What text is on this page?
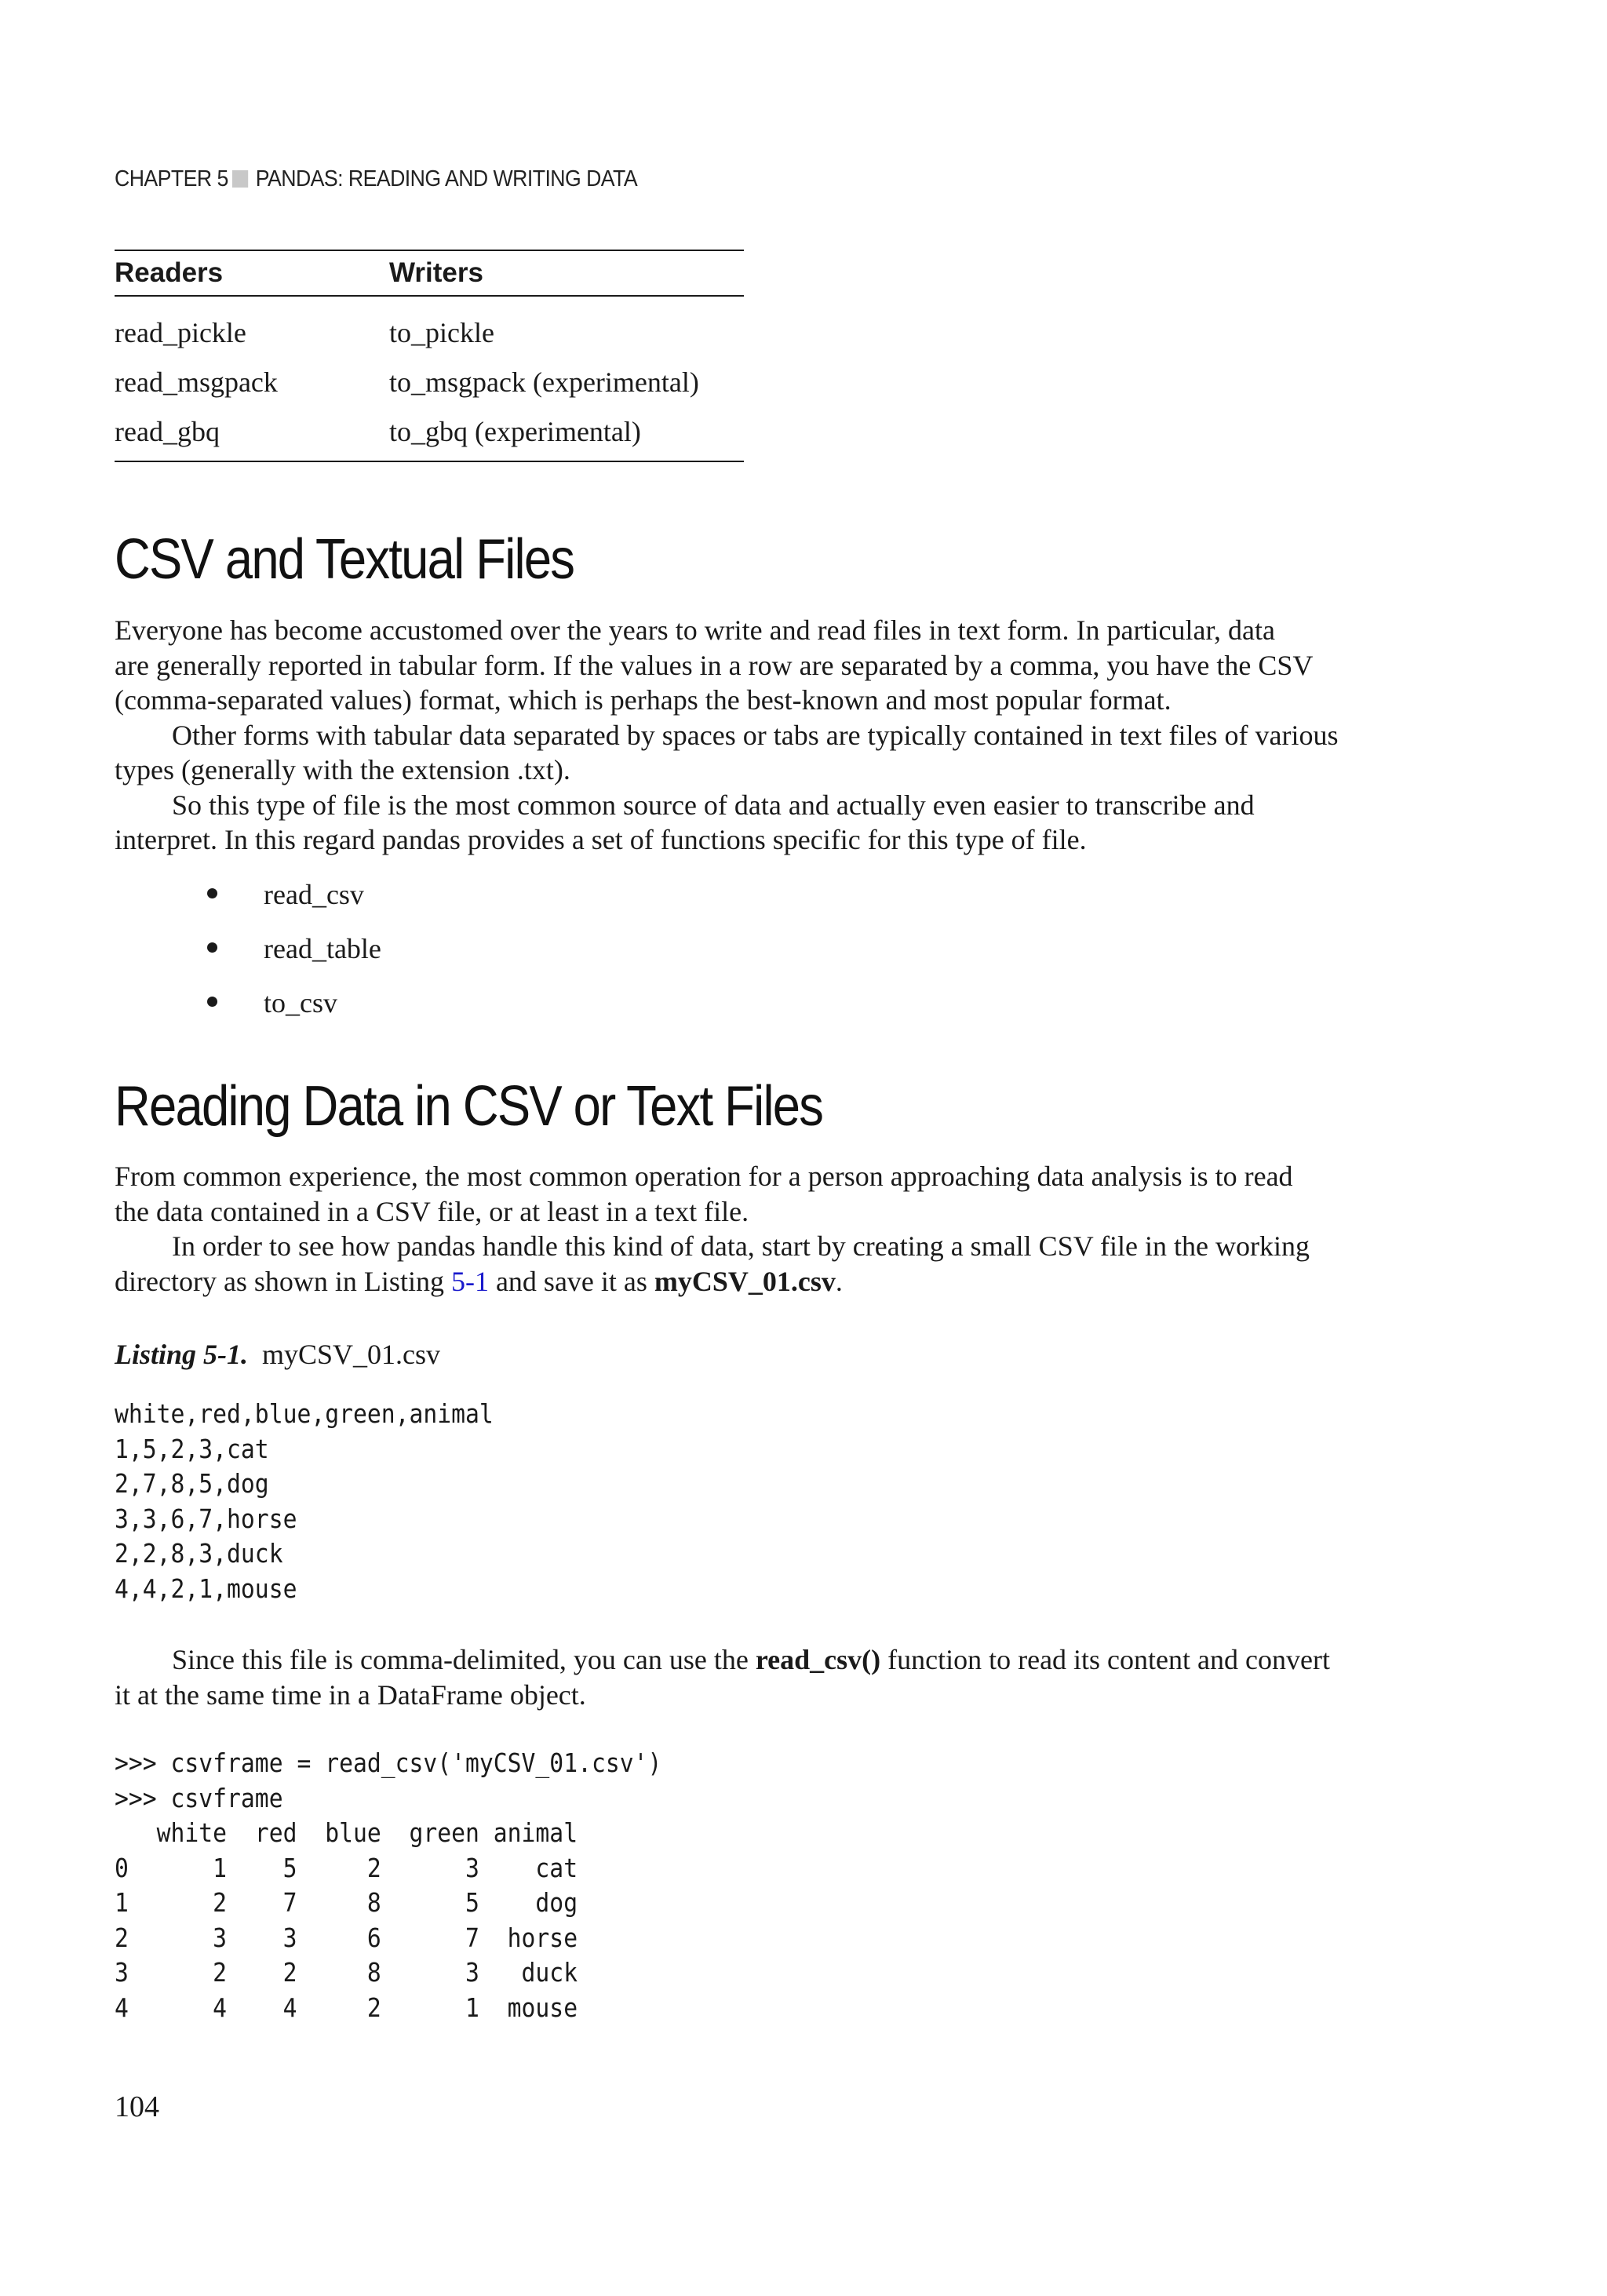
CHAPTER 5 PANDAS: READING AND WRITING DATA
Readers	Writers
read_pickle	to_pickle
read_msgpack	to_msgpack (experimental)
read_gbq	to_gbq (experimental)
CSV and Textual Files
Everyone has become accustomed over the years to write and read files in text form. In particular, data
are generally reported in tabular form. If the values in a row are separated by a comma, you have the CSV
(comma-separated values) format, which is perhaps the best-known and most popular format.
Other forms with tabular data separated by spaces or tabs are typically contained in text files of various
types (generally with the extension .txt).
So this type of file is the most common source of data and actually even easier to transcribe and
interpret. In this regard pandas provides a set of functions specific for this type of file.
read_csv
read_table
to_csv
Reading Data in CSV or Text Files
From common experience, the most common operation for a person approaching data analysis is to read
the data contained in a CSV file, or at least in a text file.
In order to see how pandas handle this kind of data, start by creating a small CSV file in the working
directory as shown in Listing 5-1 and save it as myCSV_01.csv.
Listing 5-1. myCSV_01.csv
white,red,blue,green,animal
1,5,2,3,cat
2,7,8,5,dog
3,3,6,7,horse
2,2,8,3,duck
4,4,2,1,mouse
Since this file is comma-delimited, you can use the read_csv() function to read its content and convert
it at the same time in a DataFrame object.
>>> csvframe = read_csv('myCSV_01.csv')
>>> csvframe
white  red  blue  green animal
0      1    5     2      3    cat
1      2    7     8      5    dog
2      3    3     6      7  horse
3      2    2     8      3   duck
4      4    4     2      1  mouse
104
